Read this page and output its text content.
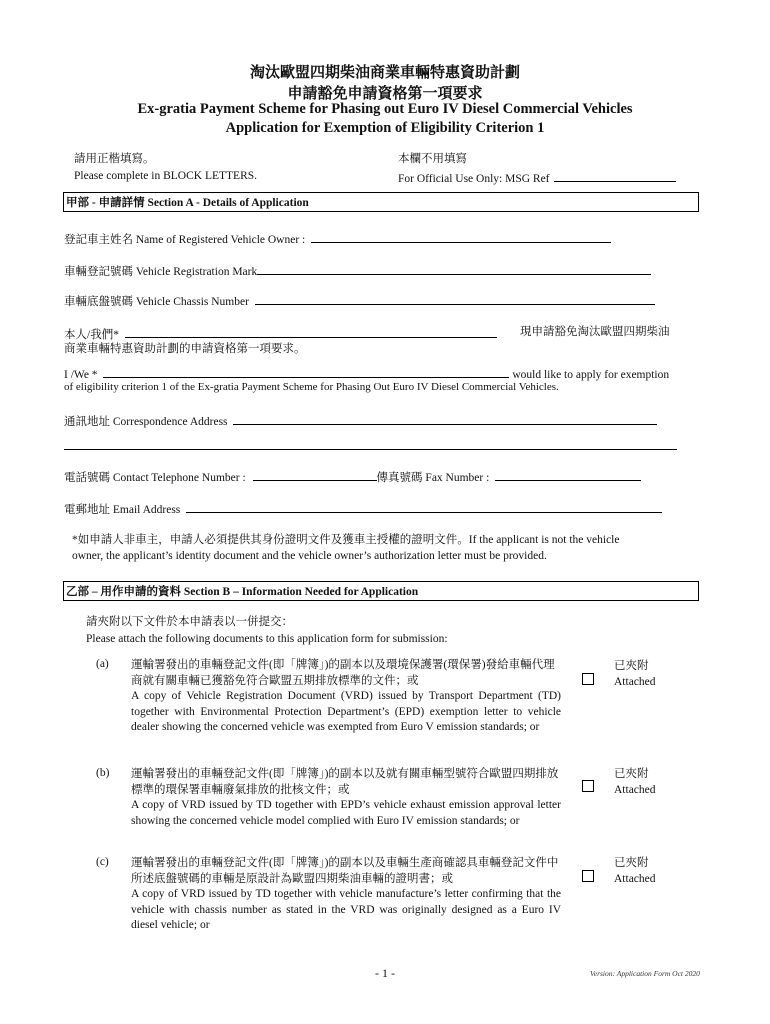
淘汰歐盟四期柴油商業車輛特惠資助計劃
申請豁免申請資格第一項要求
Ex-gratia Payment Scheme for Phasing out Euro IV Diesel Commercial Vehicles
Application for Exemption of Eligibility Criterion 1
請用正楷填寫。
Please complete in BLOCK LETTERS.
本欄不用填寫
For Official Use Only: MSG Ref
甲部 - 申請詳情 Section A - Details of Application
登記車主姓名 Name of Registered Vehicle Owner :
車輛登記號碼 Vehicle Registration Mark
車輛底盤號碼 Vehicle Chassis Number
本人/我們*	現申請豁免淘汰歐盟四期柴油
商業車輛特惠資助計劃的申請資格第一項要求。
I /We *	would like to apply for exemption
of eligibility criterion 1 of the Ex-gratia Payment Scheme for Phasing Out Euro IV Diesel Commercial Vehicles.
通訊地址 Correspondence Address
電話號碼 Contact Telephone Number :	傳真號碼 Fax Number :
電郵地址 Email Address
*如申請人非車主，申請人必須提供其身份證明文件及獲車主授權的證明文件。If the applicant is not the vehicle
owner, the applicant’s identity document and the vehicle owner’s authorization letter must be provided.
乙部 – 用作申請的資料 Section B – Information Needed for Application
請夾附以下文件於本申請表以一併提交：
Please attach the following documents to this application form for submission:
(a) 運輸署發出的車輛登記文件(即「牌簿」)的副本以及環境保護署(環保署)發給車輛代理商就有關車輛已獲豁免符合歐盟五期排放標準的文件；或
A copy of Vehicle Registration Document (VRD) issued by Transport Department (TD) together with Environmental Protection Department’s (EPD) exemption letter to vehicle dealer showing the concerned vehicle was exempted from Euro V emission standards; or
已夾附
Attached
(b) 運輸署發出的車輛登記文件(即「牌簿」)的副本以及就有關車輛型號符合歐盟四期排放標準的環保署車輛廢氣排放的批核文件；或
A copy of VRD issued by TD together with EPD’s vehicle exhaust emission approval letter showing the concerned vehicle model complied with Euro IV emission standards; or
已夾附
Attached
(c) 運輸署發出的車輛登記文件(即「牌簿」)的副本以及車輛生產商確認具車輛登記文件中所述底盤號碼的車輛是原設計為歐盟四期柴油車輛的證明書；或
A copy of VRD issued by TD together with vehicle manufacture’s letter confirming that the vehicle with chassis number as stated in the VRD was originally designed as a Euro IV diesel vehicle; or
已夾附
Attached
- 1 -	Version: Application Form Oct 2020
